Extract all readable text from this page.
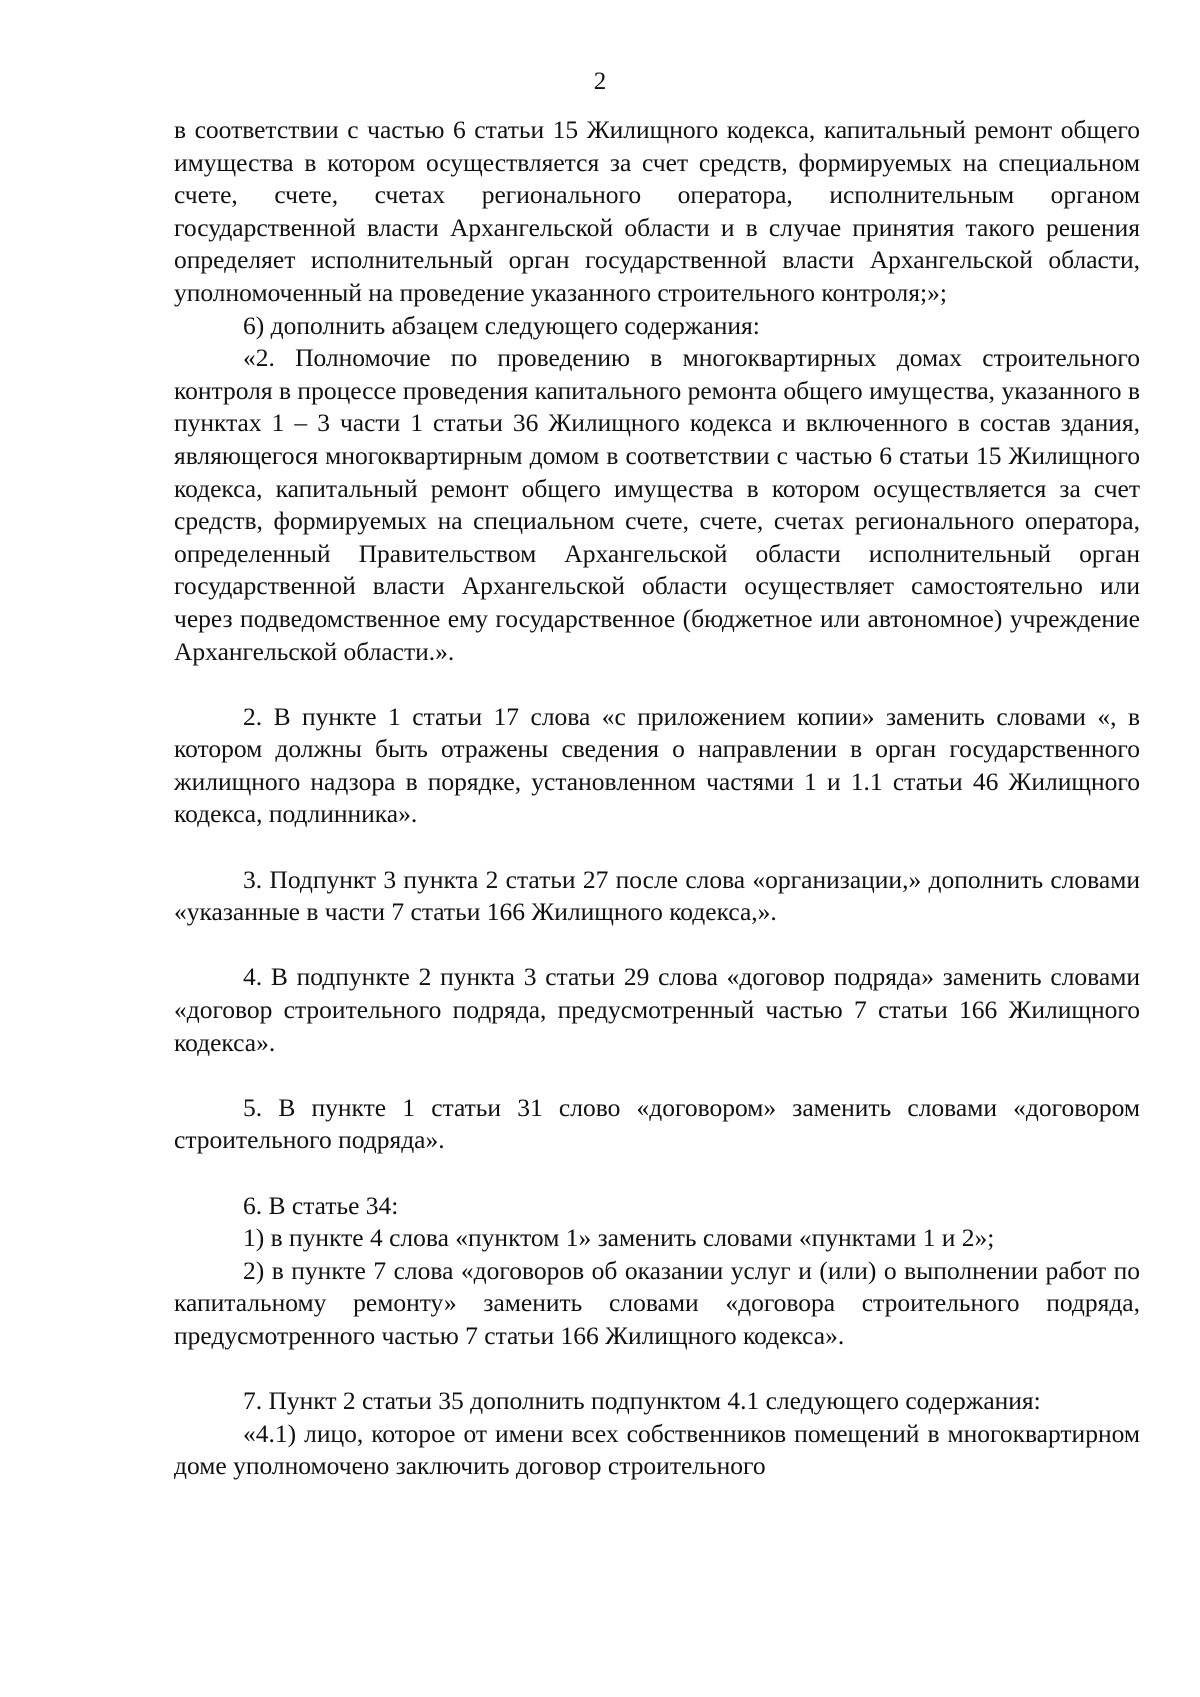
2

в соответствии с частью 6 статьи 15 Жилищного кодекса, капитальный ремонт общего имущества в котором осуществляется за счет средств, формируемых на специальном счете, счете, счетах регионального оператора, исполнительным органом государственной власти Архангельской области и в случае принятия такого решения определяет исполнительный орган государственной власти Архангельской области, уполномоченный на проведение указанного строительного контроля;»;

6) дополнить абзацем следующего содержания:

«2. Полномочие по проведению в многоквартирных домах строительного контроля в процессе проведения капитального ремонта общего имущества, указанного в пунктах 1 – 3 части 1 статьи 36 Жилищного кодекса и включенного в состав здания, являющегося многоквартирным домом в соответствии с частью 6 статьи 15 Жилищного кодекса, капитальный ремонт общего имущества в котором осуществляется за счет средств, формируемых на специальном счете, счете, счетах регионального оператора, определенный Правительством Архангельской области исполнительный орган государственной власти Архангельской области осуществляет самостоятельно или через подведомственное ему государственное (бюджетное или автономное) учреждение Архангельской области.».

2. В пункте 1 статьи 17 слова «с приложением копии» заменить словами «, в котором должны быть отражены сведения о направлении в орган государственного жилищного надзора в порядке, установленном частями 1 и 1.1 статьи 46 Жилищного кодекса, подлинника».

3. Подпункт 3 пункта 2 статьи 27 после слова «организации,» дополнить словами «указанные в части 7 статьи 166 Жилищного кодекса,».

4. В подпункте 2 пункта 3 статьи 29 слова «договор подряда» заменить словами «договор строительного подряда, предусмотренный частью 7 статьи 166 Жилищного кодекса».

5. В пункте 1 статьи 31 слово «договором» заменить словами «договором строительного подряда».

6. В статье 34:

1) в пункте 4 слова «пунктом 1» заменить словами «пунктами 1 и 2»;

2) в пункте 7 слова «договоров об оказании услуг и (или) о выполнении работ по капитальному ремонту» заменить словами «договора строительного подряда, предусмотренного частью 7 статьи 166 Жилищного кодекса».

7. Пункт 2 статьи 35 дополнить подпунктом 4.1 следующего содержания:

«4.1) лицо, которое от имени всех собственников помещений в многоквартирном доме уполномочено заключить договор строительного
